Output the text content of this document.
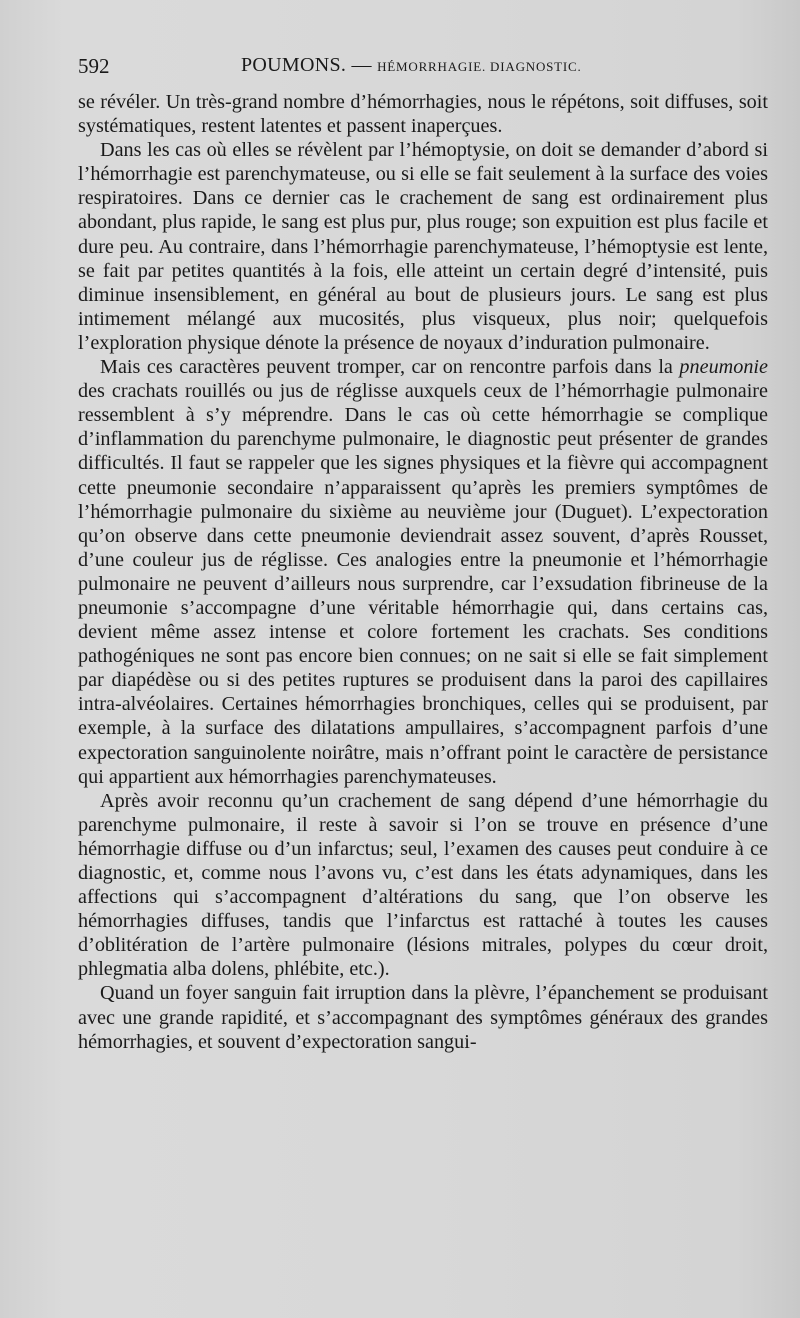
592	POUMONS. — HÉMORRHAGIE. DIAGNOSTIC.

se révéler. Un très-grand nombre d’hémorrhagies, nous le répétons, soit diffuses, soit systématiques, restent latentes et passent inaperçues.

Dans les cas où elles se révèlent par l’hémoptysie, on doit se demander d’abord si l’hémorrhagie est parenchymateuse, ou si elle se fait seulement à la surface des voies respiratoires. Dans ce dernier cas le crachement de sang est ordinairement plus abondant, plus rapide, le sang est plus pur, plus rouge; son expuition est plus facile et dure peu. Au contraire, dans l’hémorrhagie parenchymateuse, l’hémoptysie est lente, se fait par petites quantités à la fois, elle atteint un certain degré d’intensité, puis diminue insensiblement, en général au bout de plusieurs jours. Le sang est plus intimement mélangé aux mucosités, plus visqueux, plus noir; quelquefois l’exploration physique dénote la présence de noyaux d’induration pulmonaire.

Mais ces caractères peuvent tromper, car on rencontre parfois dans la pneumonie des crachats rouillés ou jus de réglisse auxquels ceux de l’hémorrhagie pulmonaire ressemblent à s’y méprendre. Dans le cas où cette hémorrhagie se complique d’inflammation du parenchyme pulmonaire, le diagnostic peut présenter de grandes difficultés. Il faut se rappeler que les signes physiques et la fièvre qui accompagnent cette pneumonie secondaire n’apparaissent qu’après les premiers symptômes de l’hémorrhagie pulmonaire du sixième au neuvième jour (Duguet). L’expectoration qu’on observe dans cette pneumonie deviendrait assez souvent, d’après Rousset, d’une couleur jus de réglisse. Ces analogies entre la pneumonie et l’hémorrhagie pulmonaire ne peuvent d’ailleurs nous surprendre, car l’exsudation fibrineuse de la pneumonie s’accompagne d’une véritable hémorrhagie qui, dans certains cas, devient même assez intense et colore fortement les crachats. Ses conditions pathogéniques ne sont pas encore bien connues; on ne sait si elle se fait simplement par diapédèse ou si des petites ruptures se produisent dans la paroi des capillaires intra-alvéolaires. Certaines hémorrhagies bronchiques, celles qui se produisent, par exemple, à la surface des dilatations ampullaires, s’accompagnent parfois d’une expectoration sanguinolente noirâtre, mais n’offrant point le caractère de persistance qui appartient aux hémorrhagies parenchymateuses.

Après avoir reconnu qu’un crachement de sang dépend d’une hémorrhagie du parenchyme pulmonaire, il reste à savoir si l’on se trouve en présence d’une hémorrhagie diffuse ou d’un infarctus; seul, l’examen des causes peut conduire à ce diagnostic, et, comme nous l’avons vu, c’est dans les états adynamiques, dans les affections qui s’accompagnent d’altérations du sang, que l’on observe les hémorrhagies diffuses, tandis que l’infarctus est rattaché à toutes les causes d’oblitération de l’artère pulmonaire (lésions mitrales, polypes du cœur droit, phlegmatia alba dolens, phlébite, etc.).

Quand un foyer sanguin fait irruption dans la plèvre, l’épanchement se produisant avec une grande rapidité, et s’accompagnant des symptômes généraux des grandes hémorrhagies, et souvent d’expectoration sangui-
